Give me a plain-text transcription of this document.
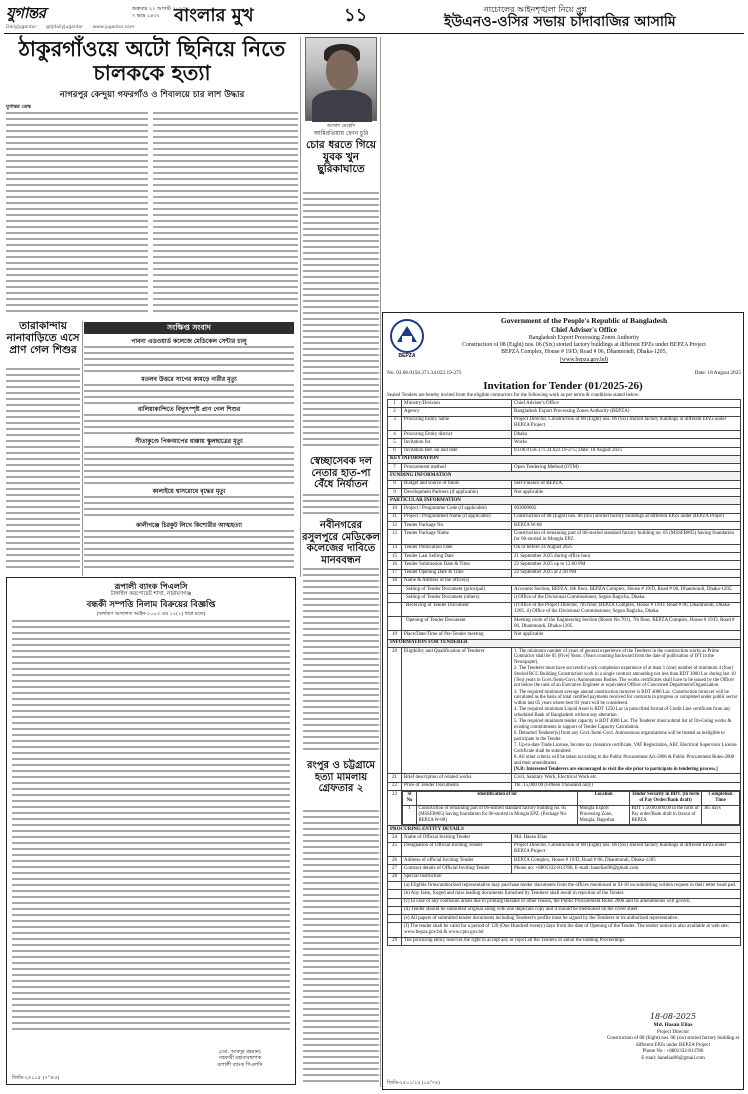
যুগান্তর	শুক্রবার ২২ আগস্ট ২০২৫
৭ ভাদ্র ১৪৩২
DailyJugantor @tjdailyJugantor www.jugantor.com
বাংলার মুখ	১১	নাচোলের আইনশৃঙ্খলা নিয়ে প্রশ্ন
ইউএনও-ওসির সভায় চাঁদাবাজির আসামি
ঠাকুরগাঁওয়ে অটো ছিনিয়ে নিতে চালককে হত্যা
নাগরপুর কেন্দুয়া গফরগাঁও ও শিবালয়ে চার লাশ উদ্ধার
যুগান্তর ডেস্ক
আসাদ মেহেদি
আমিরতিয়ায় ফোন চুরি
চোর ধরতে গিয়ে যুবক খুন ছুরিকাঘাতে
তারাকান্দায় নানাবাড়িতে এসে প্রাণ গেল শিশুর
সংক্ষিপ্ত সংবাদ
পাবনা এডওয়ার্ড কলেজে মেডিকেল সেন্টার চালু
মতলব উত্তরে সাপের কামড়ে নারীর মৃত্যু
বালিয়াকান্দিতে বিদ্যুৎস্পৃষ্ট প্রাণ গেল শিশুর
সীতাকুণ্ডে পিকআপের ধাক্কায় স্কুলছাত্রের মৃত্যু
কালাইয়ে শ্বাসরোধে বৃদ্ধের মৃত্যু
কালীগঞ্জে চিরকুট লিখে কিশোরীর আত্মহত্যা
স্বেচ্ছাসেবক দল নেতার হাত-পা বেঁধে নির্যাতন
নবীনগরের রসুলপুরে মেডিকেল কলেজের দাবিতে মানববন্ধন
রংপুর ও চট্টগ্রামে হত্যা মামলায় গ্রেফতার ২
রূপালী ব্যাংক পিএলসি
টাঙ্গাইল করপোরেট শাখা, নারায়ণগঞ্জ
বন্ধকী সম্পত্তি নিলাম বিক্রয়ের বিজ্ঞপ্তি
(অর্থঋণ আদালত আইন-২০০৩ এর ১২(১) ধারা মতে)
(মো. আবদুর রহমান)
সহকারী মহাব্যবস্থাপক
রূপালী ব্যাংক পিএলসি
জিডি-২৫১১৫ (৭"×৫)
BEPZA
Government of the People's Republic of Bangladesh
Chief Adviser's Office
Bangladesh Export Processing Zones Authority
Construction of 08 (Eight) nos. 06 (Six) storied factory buildings at different EPZs under BEPZA Project
BEPZA Complex, House # 19/D, Road # 06, Dhanmondi, Dhaka-1205,
(www.bepza.gov.bd)
No. 03.06.0158.371.34.022.19-275	Date: 18 August 2025
Invitation for Tender (01/2025-26)
Sealed Tenders are hereby invited from the eligible contractors for the following work as per terms & conditions stated below:
1	Ministry/Division	Chief Adviser's Office
2	Agency	Bangladesh Export Processing Zones Authority (BEPZA)
3	Procuring Entity name	Project Director, Construction of 08 (Eight) nos. 06 (Six) storied factory buildings at different EPZs under BEPZA Project
4	Procuring Entity district	Dhaka
5	Invitation for	Works
6	Invitation Ref. no and date	03.06.0158.371.34.022.19-275; Date: 18 August 2025
KEY INFORMATION
7	Procurement method	Open Tendering Method (OTM)
FUNDING INFORMATION
8	Budget and source of funds	Self-Finance of BEPZA.
9	Development Partners (if applicable)	Not applicable
PARTICULAR INFORMATION
10	Project / Programme Code (if applicable)	903000002
11	Project / Programmed Name (if applicable)	Construction of 08 (Eight) nos. 06 (Six) storied factory buildings at different EPZs under BEPZA Project
12	Tender Package No.	BEPZA W-08
13	Tender Package Name	Construction of remaining part of 06-storied standard factory building no. 05 (MSSFB#05) having foundation for 06-storied in Mongla EPZ.
14	Tender Publication Date	On or before 24 August 2025
15	Tender Last Selling Date	21 September 2025 during office hour
16	Tender Submission Date & Time	22 September 2025 up to 12:00 PM
17	Tender Opening Date & Time	22 September 2025 at 2:30 PM
18	Name & Address of the office(s)
	Selling of Tender Document (principal)	Accounts Section, BEPZA, 6th floor, BEPZA Complex, House # 19/D, Road # 06, Dhanmondi, Dhaka-1205.
	Selling of Tender Document (others)	i) Office of the Divisional Commissioner, Segun Bagicha, Dhaka.
	Receiving of Tender Document	i) Office of the Project Director, 7th floor, BEPZA Complex, House # 19/D, Road # 06, Dhanmondi, Dhaka-1205. ii) Office of the Divisional Commissioner, Segun Bagicha, Dhaka.
	Opening of Tender Document	Meeting room of the Engineering Section (Room No.701), 7th floor, BEPZA Complex, House # 19/D, Road # 06, Dhanmondi, Dhaka-1205
19	Place/Date/Time of Pre-Tender meeting	Not applicable
INFORMATION FOR TENDERER
20	Eligibility and Qualification of Tenderer	1. The minimum number of years of general experience of the Tenderer in the construction works as Prime Contractor shall be 05 (Five) Years. (Years counting backward from the date of publication of IFT in the Newspaper).

2. The Tenderer must have successful work completion experience of at least 1 (one) number of minimum 4 (four) Storied RCC Building Construction work in a single contract amounting not less than BDT 3000 Lac during last 10 (Ten) years in Govt./Semi-Govt./Autonomous Bodies. The works certificates shall have to be issued by the Officer not below the rank of an Executive Engineer or equivalent Officer of Concerned Department/Organization.

3. The required minimum average annual construction turnover is BDT 4000 Lac. Construction turnover will be calculated as the basis of total certified payments received for contracts in progress or completed under public sector within last 05 years where best 03 years will be considered.

4. The required minimum Liquid Asset is BDT 1250 Lac in prescribed format of Credit Line certificate from any scheduled Bank of Bangladesh without any alteration.

5. The required minimum tender capacity is BDT 4000 Lac. The Tenderer must submit list of On-Going works & existing commitments in support of Tender Capacity Calculation.

6. Debarred Tenderer(s) from any Govt./Semi-Govt. Autonomous organizations will be treated as ineligible to participate in the Tender.

7. Up-to-date Trade License, Income tax clearance certificate, VAT Registration, ABC Electrical Supervisor License Certificate shall be submitted.

8. All other criteria will be taken according to the Public Procurement Act-2006 & Public Procurement Rules-2008 and their amendments.

[N.B: Interested Tenderers are encouraged to visit the site prior to participate in tendering process.]

21	Brief description of related works	Civil, Sanitary Work, Electrical Work etc.
22	Price of Tender Documents	TK. 15,000.00 (Fifteen Thousand only)
23	Sl No	Identification of lot	Location	Tender Security in BDT. (in form of Pay Order/Bank draft)	Completion Time
1	Construction of remaining part of 06-storied standard factory building no. 05 (MSSFB#05) having foundation for 06-storied in Mongla EPZ. (Package No: BEPZA W-08)	Mongla Export Processing Zone, Mongla, Bagerhat	BDT 1,50,00,000.00 in the form of Pay order/Bank draft in favour of BEPZA	365 days

PROCURING ENTITY DETAILS
24	Name of Official Inviting Tender	Md. Hasan Elias
25	Designation of Official Inviting Tender	Project Director, Construction of 08 (Eight) nos. 06 (Six) storied factory buildings at different EPZs under BEPZA Project
26	Address of official Inviting Tender	BEPZA Complex, House # 19/D, Road # 06, Dhanmondi, Dhaka-1205
27	Contract details of Official Inviting Tender	Phone no: +8801332-813780, E-mail: hanelias96@gmail.com
28	Special Instruction
	(a) Eligible firms/authorized representative may purchase tender documents from the offices mentioned in SI-18 on submitting written request in their letter head pad.
	(b) Any false, forged and miss leading documents furnished by Tenderer shall result in rejection of the Tender.
	(c) In case of any confusion arises due to printing mistake or other reason, the Public Procurement Rules 2008 and its amendments will govern.
	(d) Tender should be submitted original along with one duplicate copy and it should be mentioned on the cover sheet.
	(e) All papers of submitted tender documents including Tenderer's profile must be signed by the Tenderer or its authorized representative.
	(f) The tender shall be valid for a period of 120 (One Hundred twenty) days from the date of Opening of the Tender. The tender notice is also available at web site: www.bepza.gov.bd & www.cptu.gov.bd
29	The procuring entity reserves the right to accept any or reject all the Tenders or annul the bidding Proceedings.
18-08-2025
Md. Hasan Elias
Project Director
Construction of 08 (Eight) nos. 06 (six) storied factory building at different EPZs under BEPZA Project
Phone No : +8801332-813780
E-mail: hanelias96@gmail.com
জিডি-২৫০১/২৫ (১৪"×৪)
